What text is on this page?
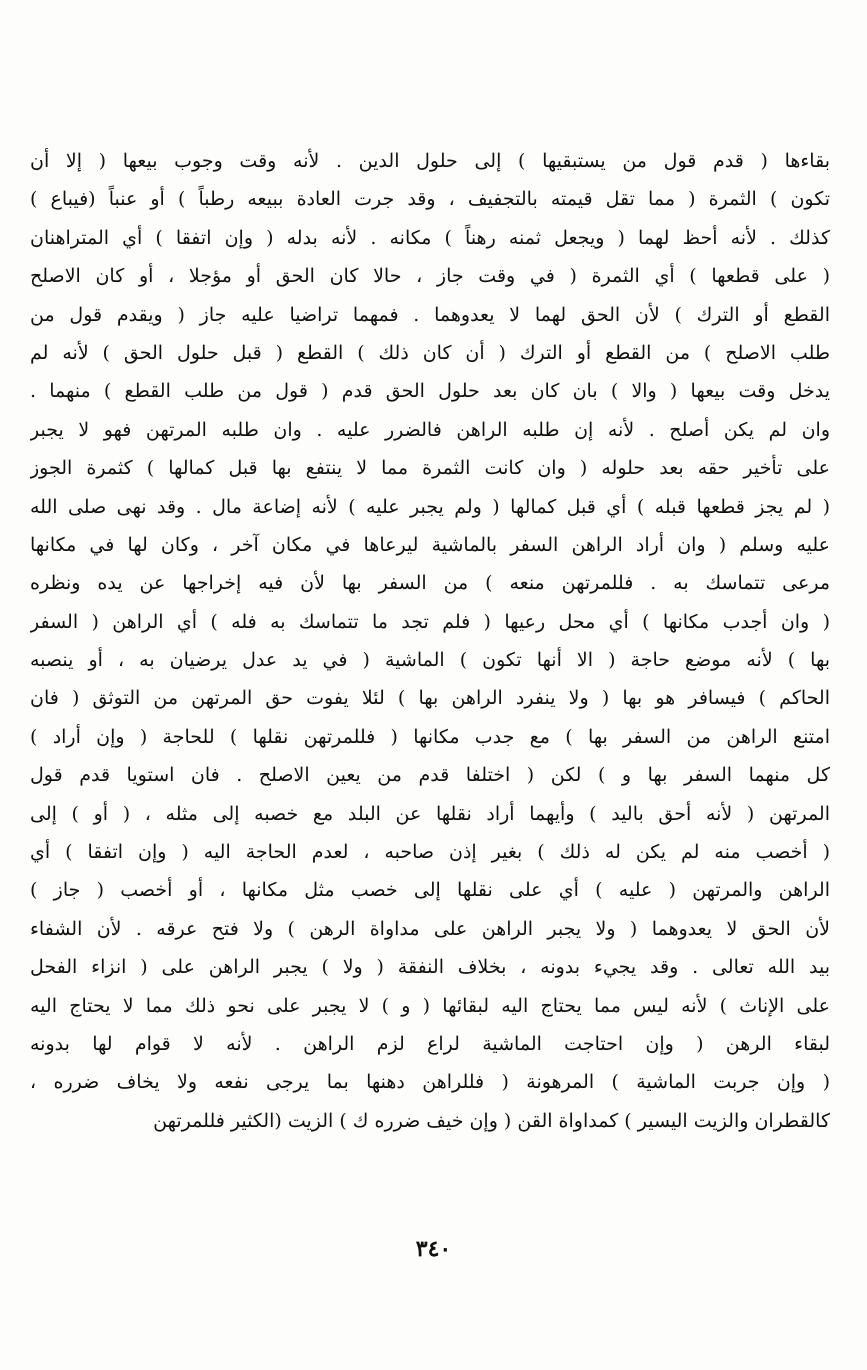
بقاءها ( قدم قول من يستبقيها ) إلى حلول الدين . لأنه وقت وجوب بيعها ( إلا أن
تكون ) الثمرة ( مما تقل قيمته بالتجفيف ، وقد جرت العادة ببيعه رطباً ) أو عنباً (فيباع )
كذلك . لأنه أحظ لهما ( ويجعل ثمنه رهناً ) مكانه . لأنه بدله ( وإن اتفقا ) أي المتراهنان
( على قطعها ) أي الثمرة ( في وقت جاز ، حالا كان الحق أو مؤجلا ، أو كان الاصلح
القطع أو الترك ) لأن الحق لهما لا يعدوهما . فمهما تراضيا عليه جاز ( ويقدم قول من
طلب الاصلح ) من القطع أو الترك ( أن كان ذلك ) القطع ( قبل حلول الحق ) لأنه لم
يدخل وقت بيعها ( والا ) بان كان بعد حلول الحق قدم ( قول من طلب القطع ) منهما .
وان لم يكن أصلح . لأنه إن طلبه الراهن فالضرر عليه . وان طلبه المرتهن فهو لا يجبر
على تأخير حقه بعد حلوله ( وان كانت الثمرة مما لا ينتفع بها قبل كمالها ) كثمرة الجوز
( لم يجز قطعها قبله ) أي قبل كمالها ( ولم يجبر عليه ) لأنه إضاعة مال . وقد نهى صلى الله
عليه وسلم ( وان أراد الراهن السفر بالماشية ليرعاها في مكان آخر ، وكان لها في مكانها
مرعى تتماسك به . فللمرتهن منعه ) من السفر بها لأن فيه إخراجها عن يده ونظره
( وان أجدب مكانها ) أي محل رعيها ( فلم تجد ما تتماسك به فله ) أي الراهن ( السفر
بها ) لأنه موضع حاجة ( الا أنها تكون ) الماشية ( في يد عدل يرضيان به ، أو ينصبه
الحاكم ) فيسافر هو بها ( ولا ينفرد الراهن بها ) لئلا يفوت حق المرتهن من التوثق ( فان
امتنع الراهن من السفر بها ) مع جدب مكانها ( فللمرتهن نقلها ) للحاجة ( وإن أراد )
كل منهما السفر بها و ) لكن ( اختلفا قدم من يعين الاصلح . فان استويا قدم قول
المرتهن ( لأنه أحق باليد ) وأيهما أراد نقلها عن البلد مع خصبه إلى مثله ، ( أو ) إلى
( أخصب منه لم يكن له ذلك ) بغير إذن صاحبه ، لعدم الحاجة اليه ( وإن اتفقا ) أي
الراهن والمرتهن ( عليه ) أي على نقلها إلى خصب مثل مكانها ، أو أخصب ( جاز )
لأن الحق لا يعدوهما ( ولا يجبر الراهن على مداواة الرهن ) ولا فتح عرقه . لأن الشفاء
بيد الله تعالى . وقد يجيء بدونه ، بخلاف النفقة ( ولا ) يجبر الراهن على ( انزاء الفحل
على الإناث ) لأنه ليس مما يحتاج اليه لبقائها ( و ) لا يجبر على نحو ذلك مما لا يحتاج اليه
لبقاء الرهن ( وإن احتاجت الماشية لراع لزم الراهن . لأنه لا قوام لها بدونه
( وإن جربت الماشية ) المرهونة ( فللراهن دهنها بما يرجى نفعه ولا يخاف ضرره ،
كالقطران والزيت اليسير ) كمداواة القن ( وإن خيف ضرره ك ) الزيت (الكثير فللمرتهن
٣٤٠
